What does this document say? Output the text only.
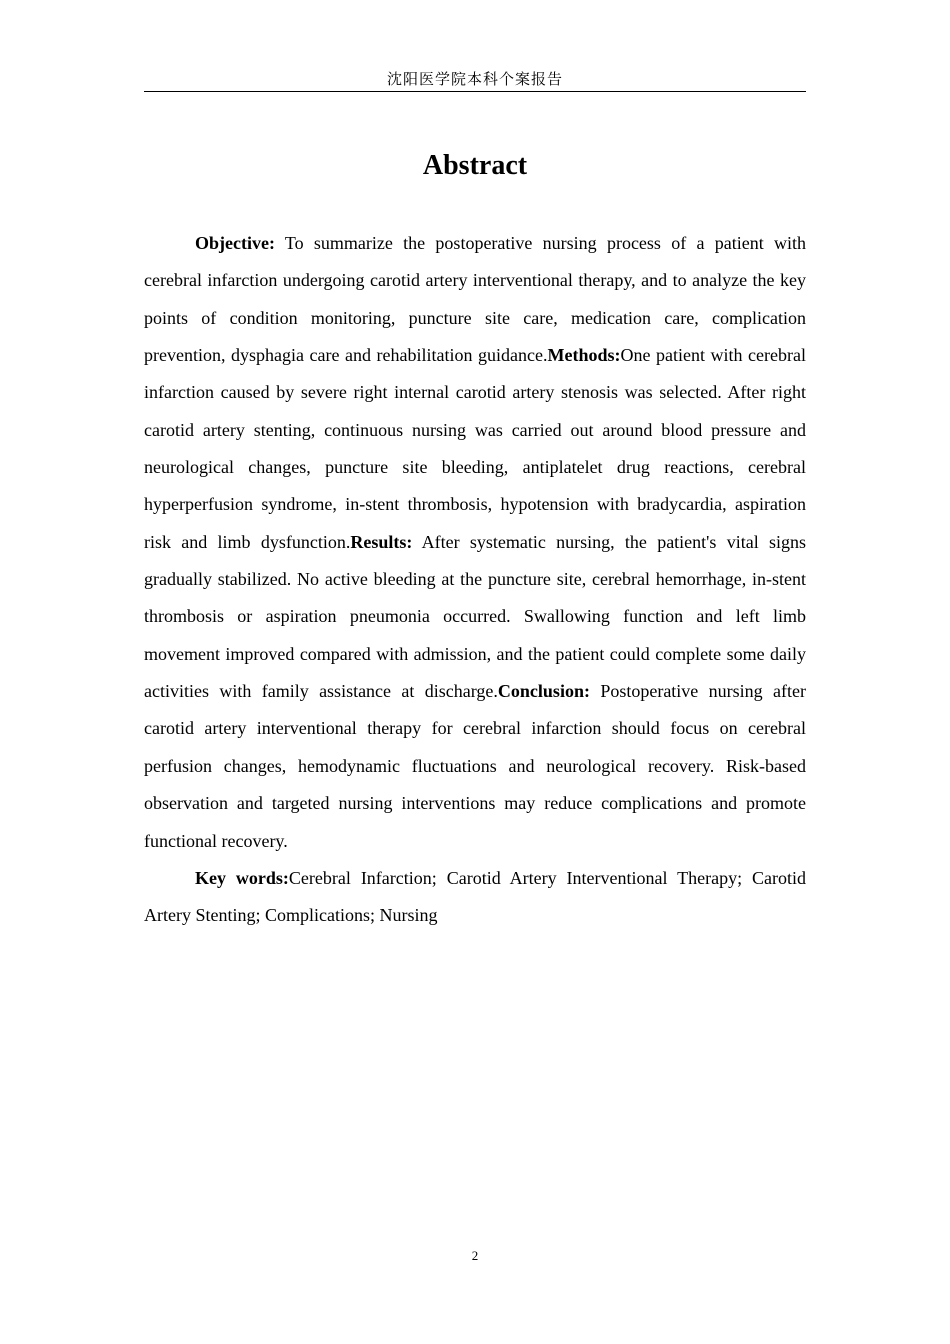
沈阳医学院本科个案报告
Abstract

Objective: To summarize the postoperative nursing process of a patient with cerebral infarction undergoing carotid artery interventional therapy, and to analyze the key points of condition monitoring, puncture site care, medication care, complication prevention, dysphagia care and rehabilitation guidance.Methods:One patient with cerebral infarction caused by severe right internal carotid artery stenosis was selected. After right carotid artery stenting, continuous nursing was carried out around blood pressure and neurological changes, puncture site bleeding, antiplatelet drug reactions, cerebral hyperperfusion syndrome, in-stent thrombosis, hypotension with bradycardia, aspiration risk and limb dysfunction.Results: After systematic nursing, the patient's vital signs gradually stabilized. No active bleeding at the puncture site, cerebral hemorrhage, in-stent thrombosis or aspiration pneumonia occurred. Swallowing function and left limb movement improved compared with admission, and the patient could complete some daily activities with family assistance at discharge.Conclusion: Postoperative nursing after carotid artery interventional therapy for cerebral infarction should focus on cerebral perfusion changes, hemodynamic fluctuations and neurological recovery. Risk-based observation and targeted nursing interventions may reduce complications and promote functional recovery.

Key words:Cerebral Infarction; Carotid Artery Interventional Therapy; Carotid Artery Stenting; Complications; Nursing

2
